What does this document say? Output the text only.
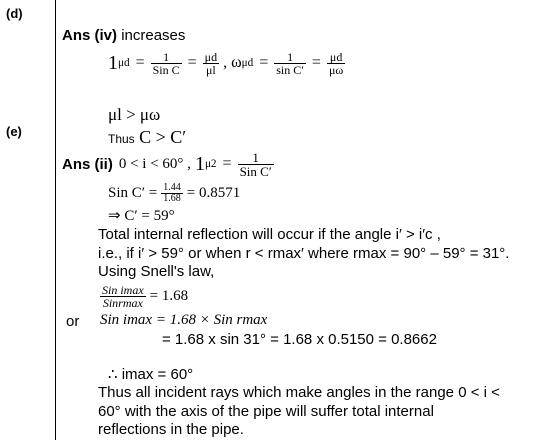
(d)
Ans (iv) increases
1 $\mu d = \frac{1}{\text{Sin C}} = \frac{\mu d}{\mu l}$ , ω $\mu d = \frac{1}{\text{sin C′}} = \frac{\mu d}{\mu\omega}$
μl > μω
Thus C > C′
(e)
Ans (ii) 0 < i < 60° , 1 $\mu 2 = \frac{1}{\text{Sin C′}}$
Sin $C' = \frac{1.44}{1.68} = 0.8571$
⇒ C′ = 59°
Total internal reflection will occur if the angle i′ > i′c ,
i.e., if i′ > 59° or when r < rmax′ where rmax = 90° – 59° = 31°.
Using Snell's law,
$\frac{\text{Sin imax}}{\text{Sinrmax}} = 1.68$
or Sin imax = 1.68 × Sin rmax
= 1.68 x sin 31° = 1.68 x 0.5150 = 0.8662
∴ imax = 60°
Thus all incident rays which make angles in the range 0 < i <
60° with the axis of the pipe will suffer total internal
reflections in the pipe.
